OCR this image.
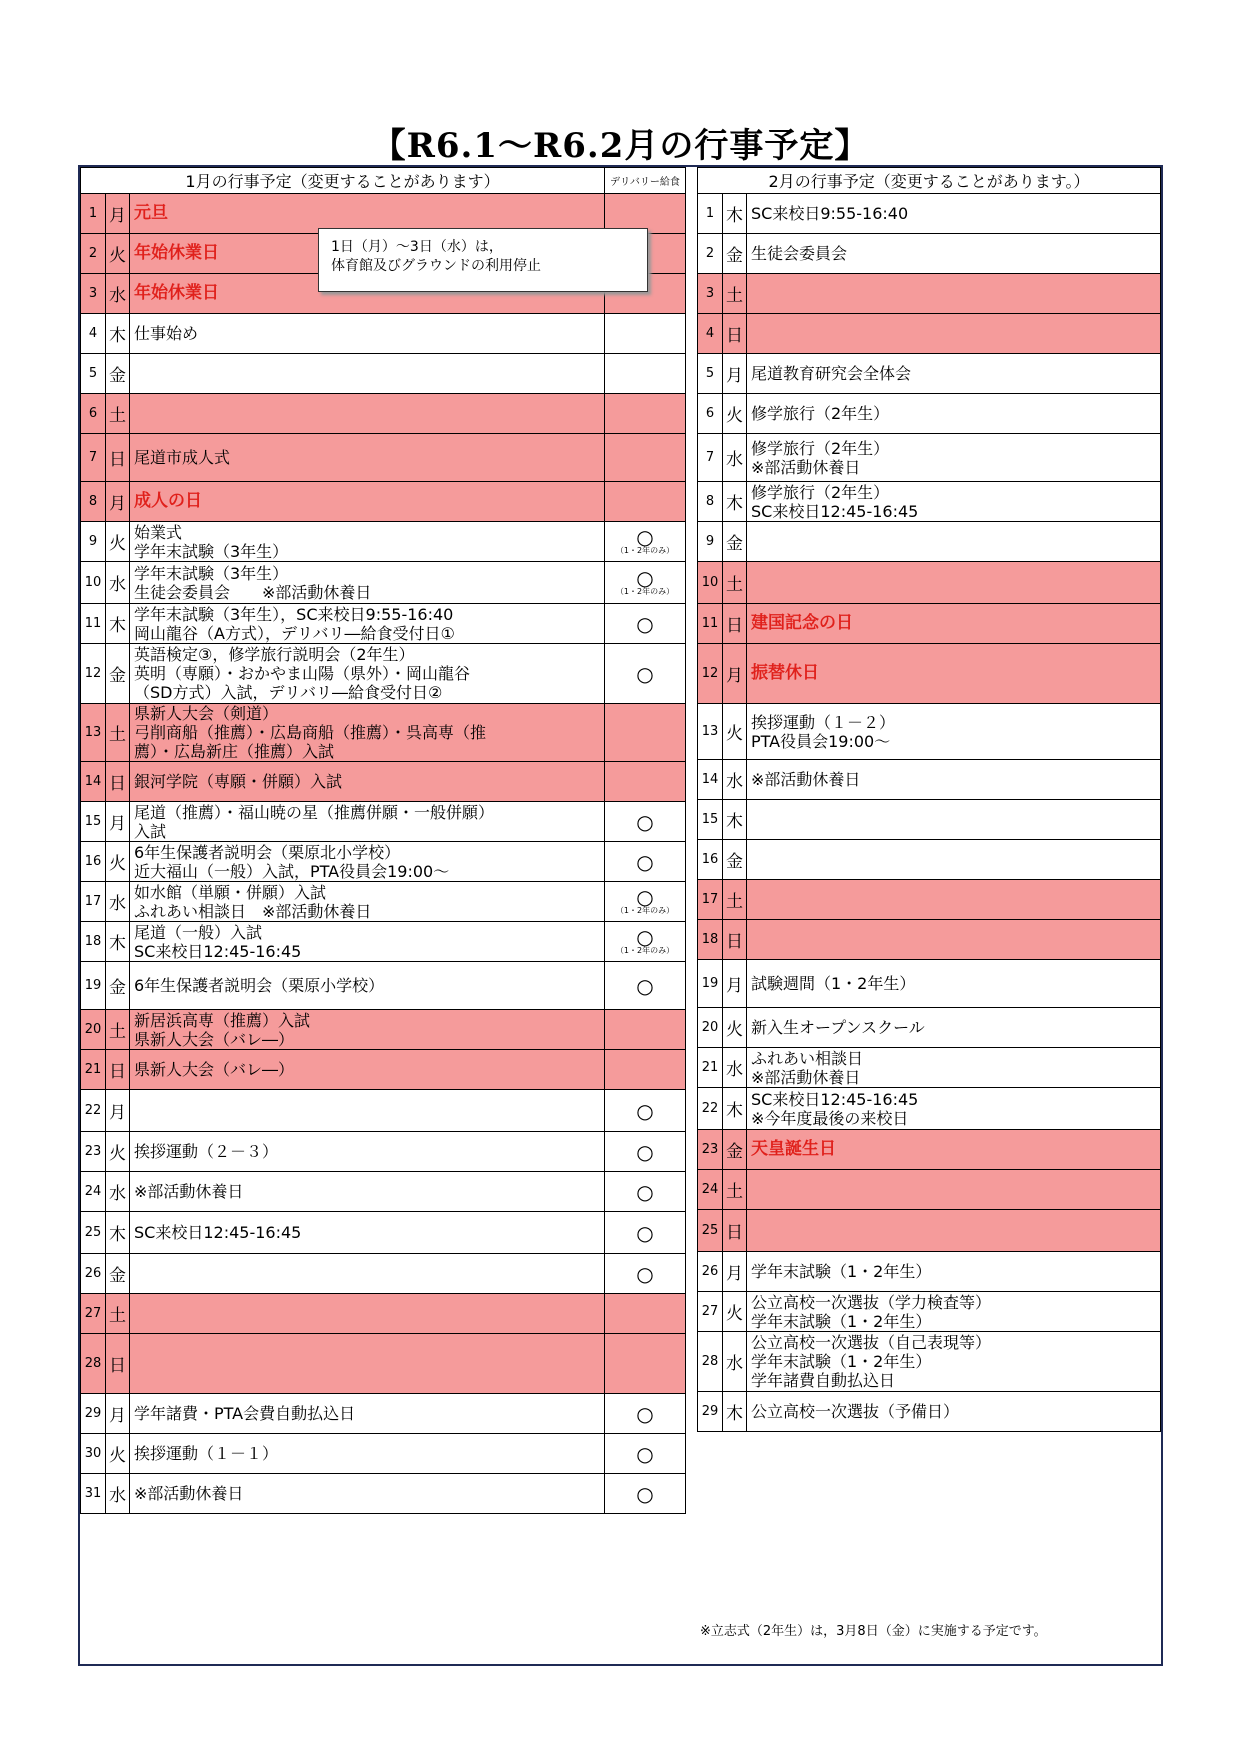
【R6.1～R6.2月の行事予定】
1月の行事予定（変更することがあります）			デリバリー給食
1	月	元旦	
2	火	年始休業日	
3	水	年始休業日	
4	木	仕事始め	
5	金		
6	土		
7	日	尾道市成人式	
8	月	成人の日	
9	火	始業式
学年末試験（3年生）	○
（1・2年のみ）

10	水	学年末試験（3年生）
生徒会委員会　　※部活動休養日	○
（1・2年のみ）

11	木	学年末試験（3年生），SC来校日9:55-16:40
岡山龍谷（A方式），デリバリ―給食受付日①	○
12	金	英語検定③，修学旅行説明会（2年生）
英明（専願）・おかやま山陽（県外）・岡山龍谷
（SD方式）入試，デリバリ―給食受付日②	○
13	土	県新人大会（剣道）
弓削商船（推薦）・広島商船（推薦）・呉高専（推
薦）・広島新庄（推薦）入試	
14	日	銀河学院（専願・併願）入試	
15	月	尾道（推薦）・福山暁の星（推薦併願・一般併願）
入試	○
16	火	6年生保護者説明会（栗原北小学校）
近大福山（一般）入試，PTA役員会19:00～	○
17	水	如水館（単願・併願）入試
ふれあい相談日　※部活動休養日	○
（1・2年のみ）

18	木	尾道（一般）入試
SC来校日12:45-16:45	○
（1・2年のみ）

19	金	6年生保護者説明会（栗原小学校）	○
20	土	新居浜高専（推薦）入試
県新人大会（バレ―）	
21	日	県新人大会（バレ―）	
22	月		○
23	火	挨拶運動（２－３）	○
24	水	※部活動休養日	○
25	木	SC来校日12:45-16:45	○
26	金		○
27	土		
28	日		
29	月	学年諸費・PTA会費自動払込日	○
30	火	挨拶運動（１－１）	○
31	水	※部活動休養日	○
2月の行事予定（変更することがあります。）		
1	木	SC来校日9:55-16:40
2	金	生徒会委員会
3	土	
4	日	
5	月	尾道教育研究会全体会
6	火	修学旅行（2年生）
7	水	修学旅行（2年生）
※部活動休養日
8	木	修学旅行（2年生）
SC来校日12:45-16:45
9	金	
10	土	
11	日	建国記念の日
12	月	振替休日
13	火	挨拶運動（１－２）
PTA役員会19:00～
14	水	※部活動休養日
15	木	
16	金	
17	土	
18	日	
19	月	試験週間（1・2年生）
20	火	新入生オープンスクール
21	水	ふれあい相談日
※部活動休養日
22	木	SC来校日12:45-16:45
※今年度最後の来校日
23	金	天皇誕生日
24	土	
25	日	
26	月	学年末試験（1・2年生）
27	火	公立高校一次選抜（学力検査等）
学年末試験（1・2年生）
28	水	公立高校一次選抜（自己表現等）
学年末試験（1・2年生）
学年諸費自動払込日
29	木	公立高校一次選抜（予備日）
※立志式（2年生）は，3月8日（金）に実施する予定です。
1日（月）～3日（水）は，
体育館及びグラウンドの利用停止
